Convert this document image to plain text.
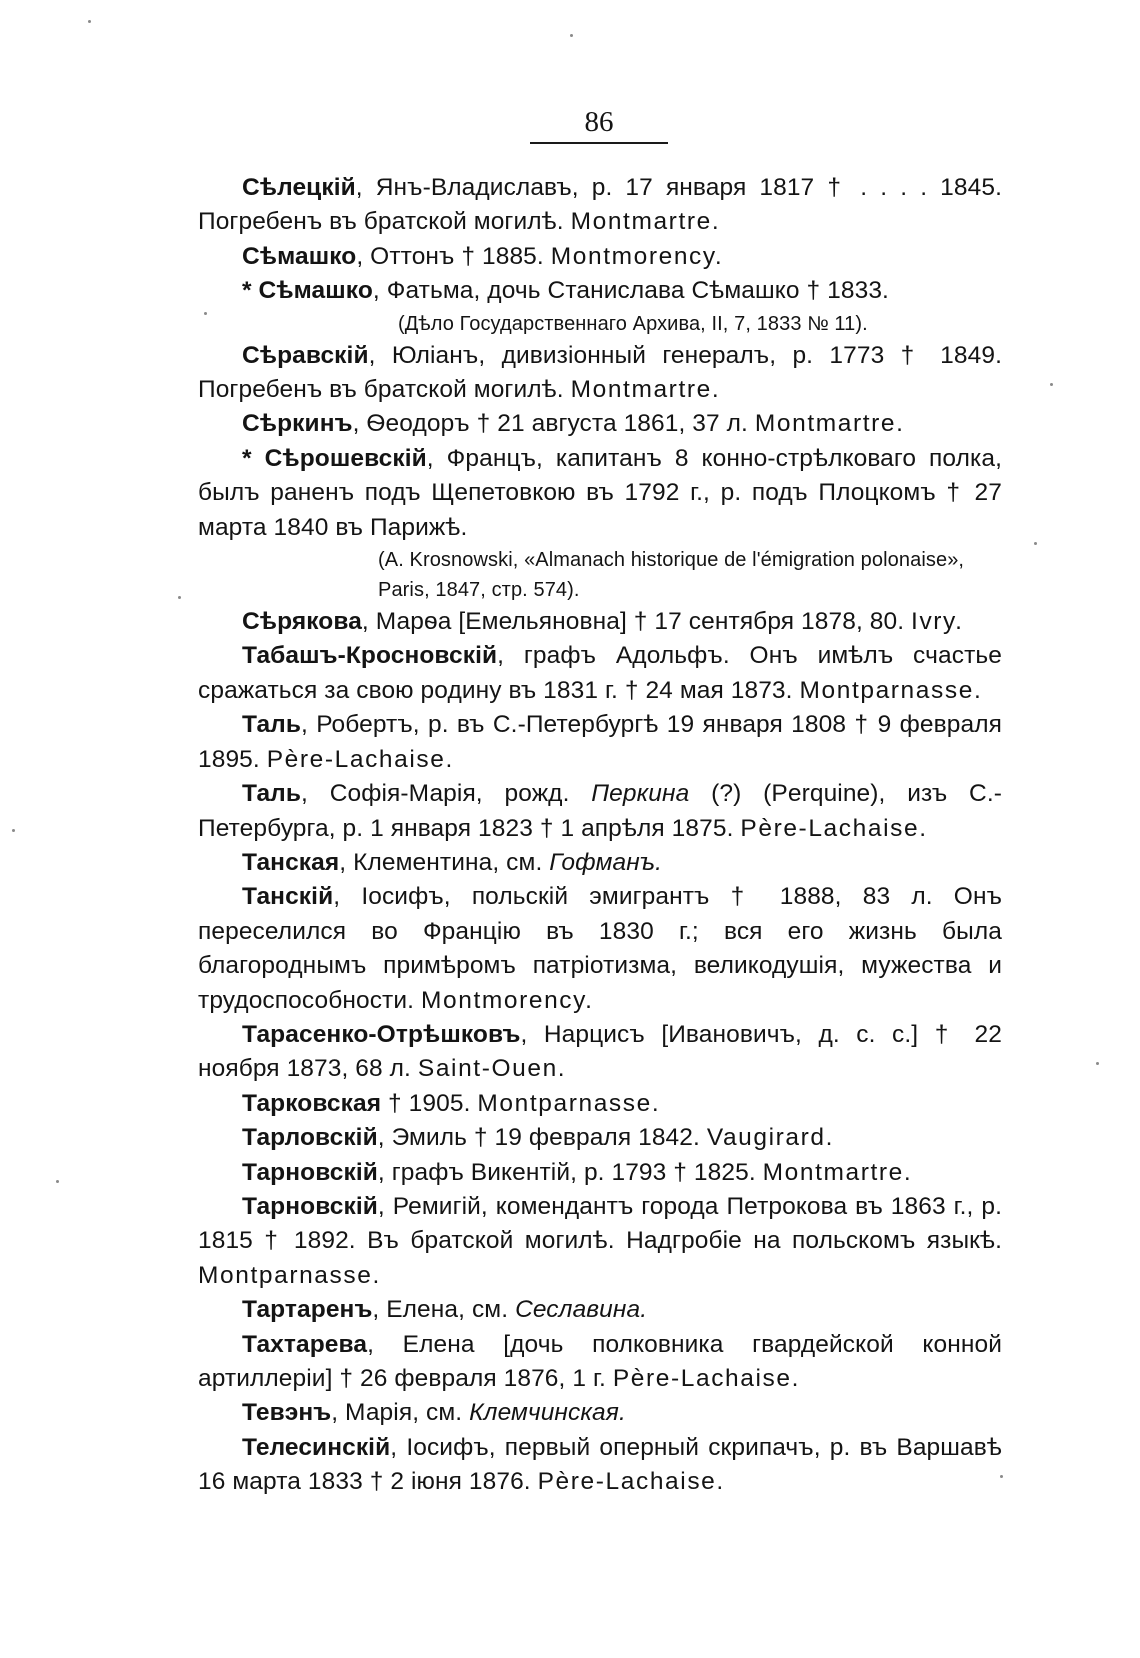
86

Сѣлецкій, Янъ-Владиславъ, р. 17 января 1817 † . . . . 1845. Погребенъ въ братской могилѣ. Montmartre.

Сѣмашко, Оттонъ † 1885. Montmorency.

* Сѣмашко, Фатьма, дочь Станислава Сѣмашко † 1833.

(Дѣло Государственнаго Архива, II, 7, 1833 № 11).

Сѣравскій, Юліанъ, дивизіонный генералъ, р. 1773 † 1849. Погребенъ въ братской могилѣ. Montmartre.

Сѣркинъ, Ѳеодоръ † 21 августа 1861, 37 л. Montmartre.

* Сѣрошевскій, Францъ, капитанъ 8 конно-стрѣлковаго полка, былъ раненъ подъ Щепетовкою въ 1792 г., р. подъ Плоцкомъ † 27 марта 1840 въ Парижѣ.

(A. Krosnowski, «Almanach historique de l'émigration polonaise», Paris, 1847, стр. 574).

Сѣрякова, Марѳа [Емельяновна] † 17 сентября 1878, 80. Ivry.

Табашъ-Кросновскій, графъ Адольфъ. Онъ имѣлъ счастье сражаться за свою родину въ 1831 г. † 24 мая 1873. Montparnasse.

Таль, Робертъ, р. въ С.-Петербургѣ 19 января 1808 † 9 февраля 1895. Père-Lachaise.

Таль, Софія-Марія, рожд. Перкина (?) (Perquine), изъ С.-Петербурга, р. 1 января 1823 † 1 апрѣля 1875. Père-Lachaise.

Танская, Клементина, см. Гофманъ.

Танскій, Іосифъ, польскій эмигрантъ † 1888, 83 л. Онъ переселился во Францію въ 1830 г.; вся его жизнь была благороднымъ примѣромъ патріотизма, великодушія, мужества и трудоспособности. Montmorency.

Тарасенко-Отрѣшковъ, Нарцисъ [Ивановичъ, д. с. с.] † 22 ноября 1873, 68 л. Saint-Ouen.

Тарковская † 1905. Montparnasse.

Тарловскій, Эмиль † 19 февраля 1842. Vaugirard.

Тарновскій, графъ Викентій, р. 1793 † 1825. Montmartre.

Тарновскій, Ремигій, комендантъ города Петрокова въ 1863 г., р. 1815 † 1892. Въ братской могилѣ. Надгробіе на польскомъ языкѣ. Montparnasse.

Тартаренъ, Елена, см. Сеславина.

Тахтарева, Елена [дочь полковника гвардейской конной артиллеріи] † 26 февраля 1876, 1 г. Père-Lachaise.

Тевэнъ, Марія, см. Клемчинская.

Телесинскій, Іосифъ, первый оперный скрипачъ, р. въ Варшавѣ 16 марта 1833 † 2 іюня 1876. Père-Lachaise.
